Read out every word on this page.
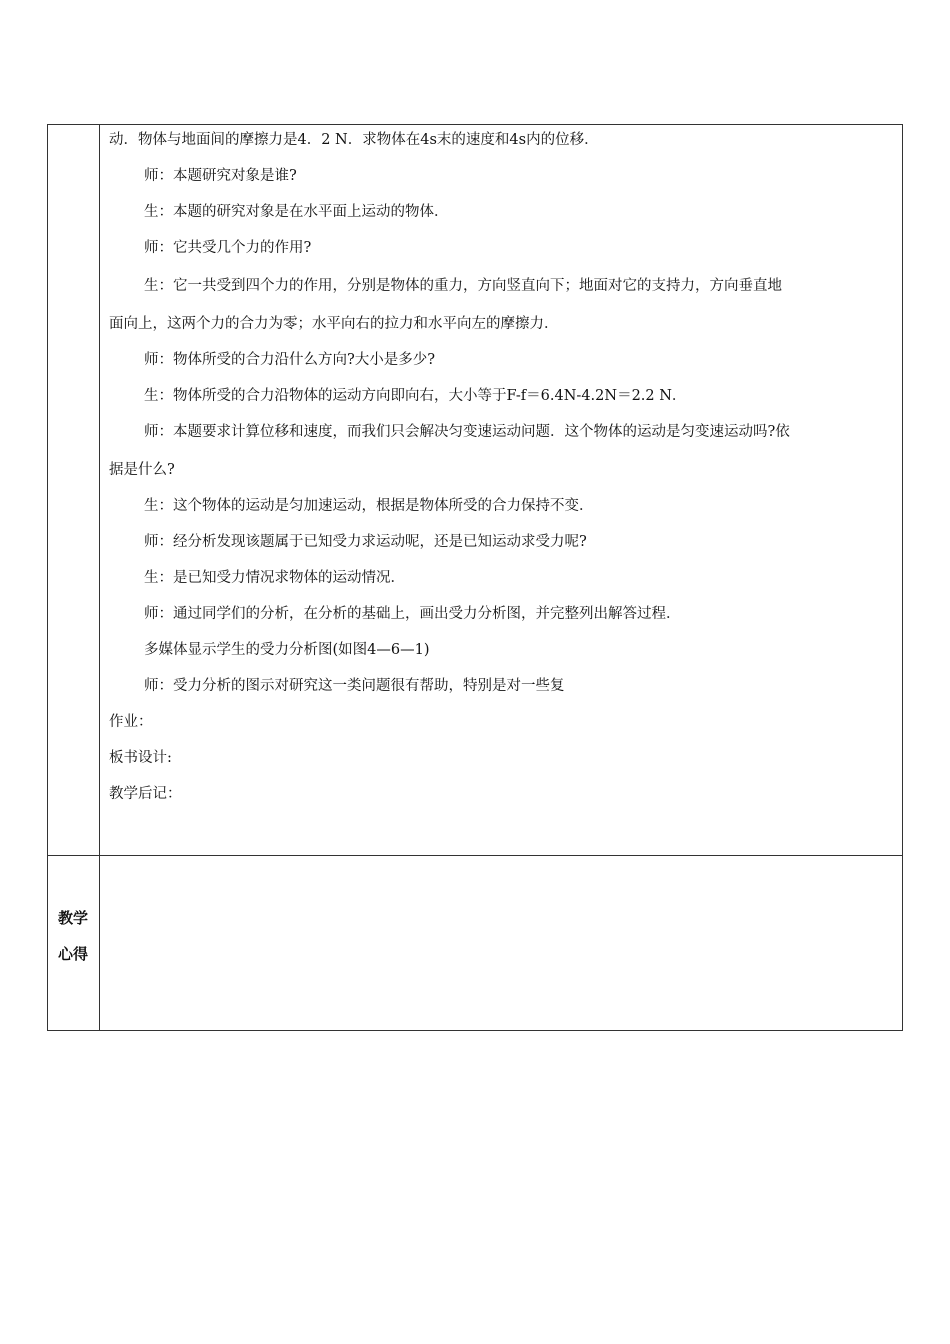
动．物体与地面间的摩擦力是4．2 N．求物体在4s末的速度和4s内的位移．

师：本题研究对象是谁?

生：本题的研究对象是在水平面上运动的物体．

师：它共受几个力的作用?

生：它一共受到四个力的作用，分别是物体的重力，方向竖直向下；地面对它的支持力，方向垂直地

面向上，这两个力的合力为零；水平向右的拉力和水平向左的摩擦力．

师：物体所受的合力沿什么方向?大小是多少?

生：物体所受的合力沿物体的运动方向即向右，大小等于F-f＝6.4N-4.2N＝2.2 N．

师：本题要求计算位移和速度，而我们只会解决匀变速运动问题．这个物体的运动是匀变速运动吗?依

据是什么?

生：这个物体的运动是匀加速运动，根据是物体所受的合力保持不变．

师：经分析发现该题属于已知受力求运动呢，还是已知运动求受力呢?

生：是已知受力情况求物体的运动情况．

师：通过同学们的分析，在分析的基础上，画出受力分析图，并完整列出解答过程．

多媒体显示学生的受力分析图(如图4—6—1)

师：受力分析的图示对研究这一类问题很有帮助，特别是对一些复

作业：

板书设计:

教学后记：

教学
心得
